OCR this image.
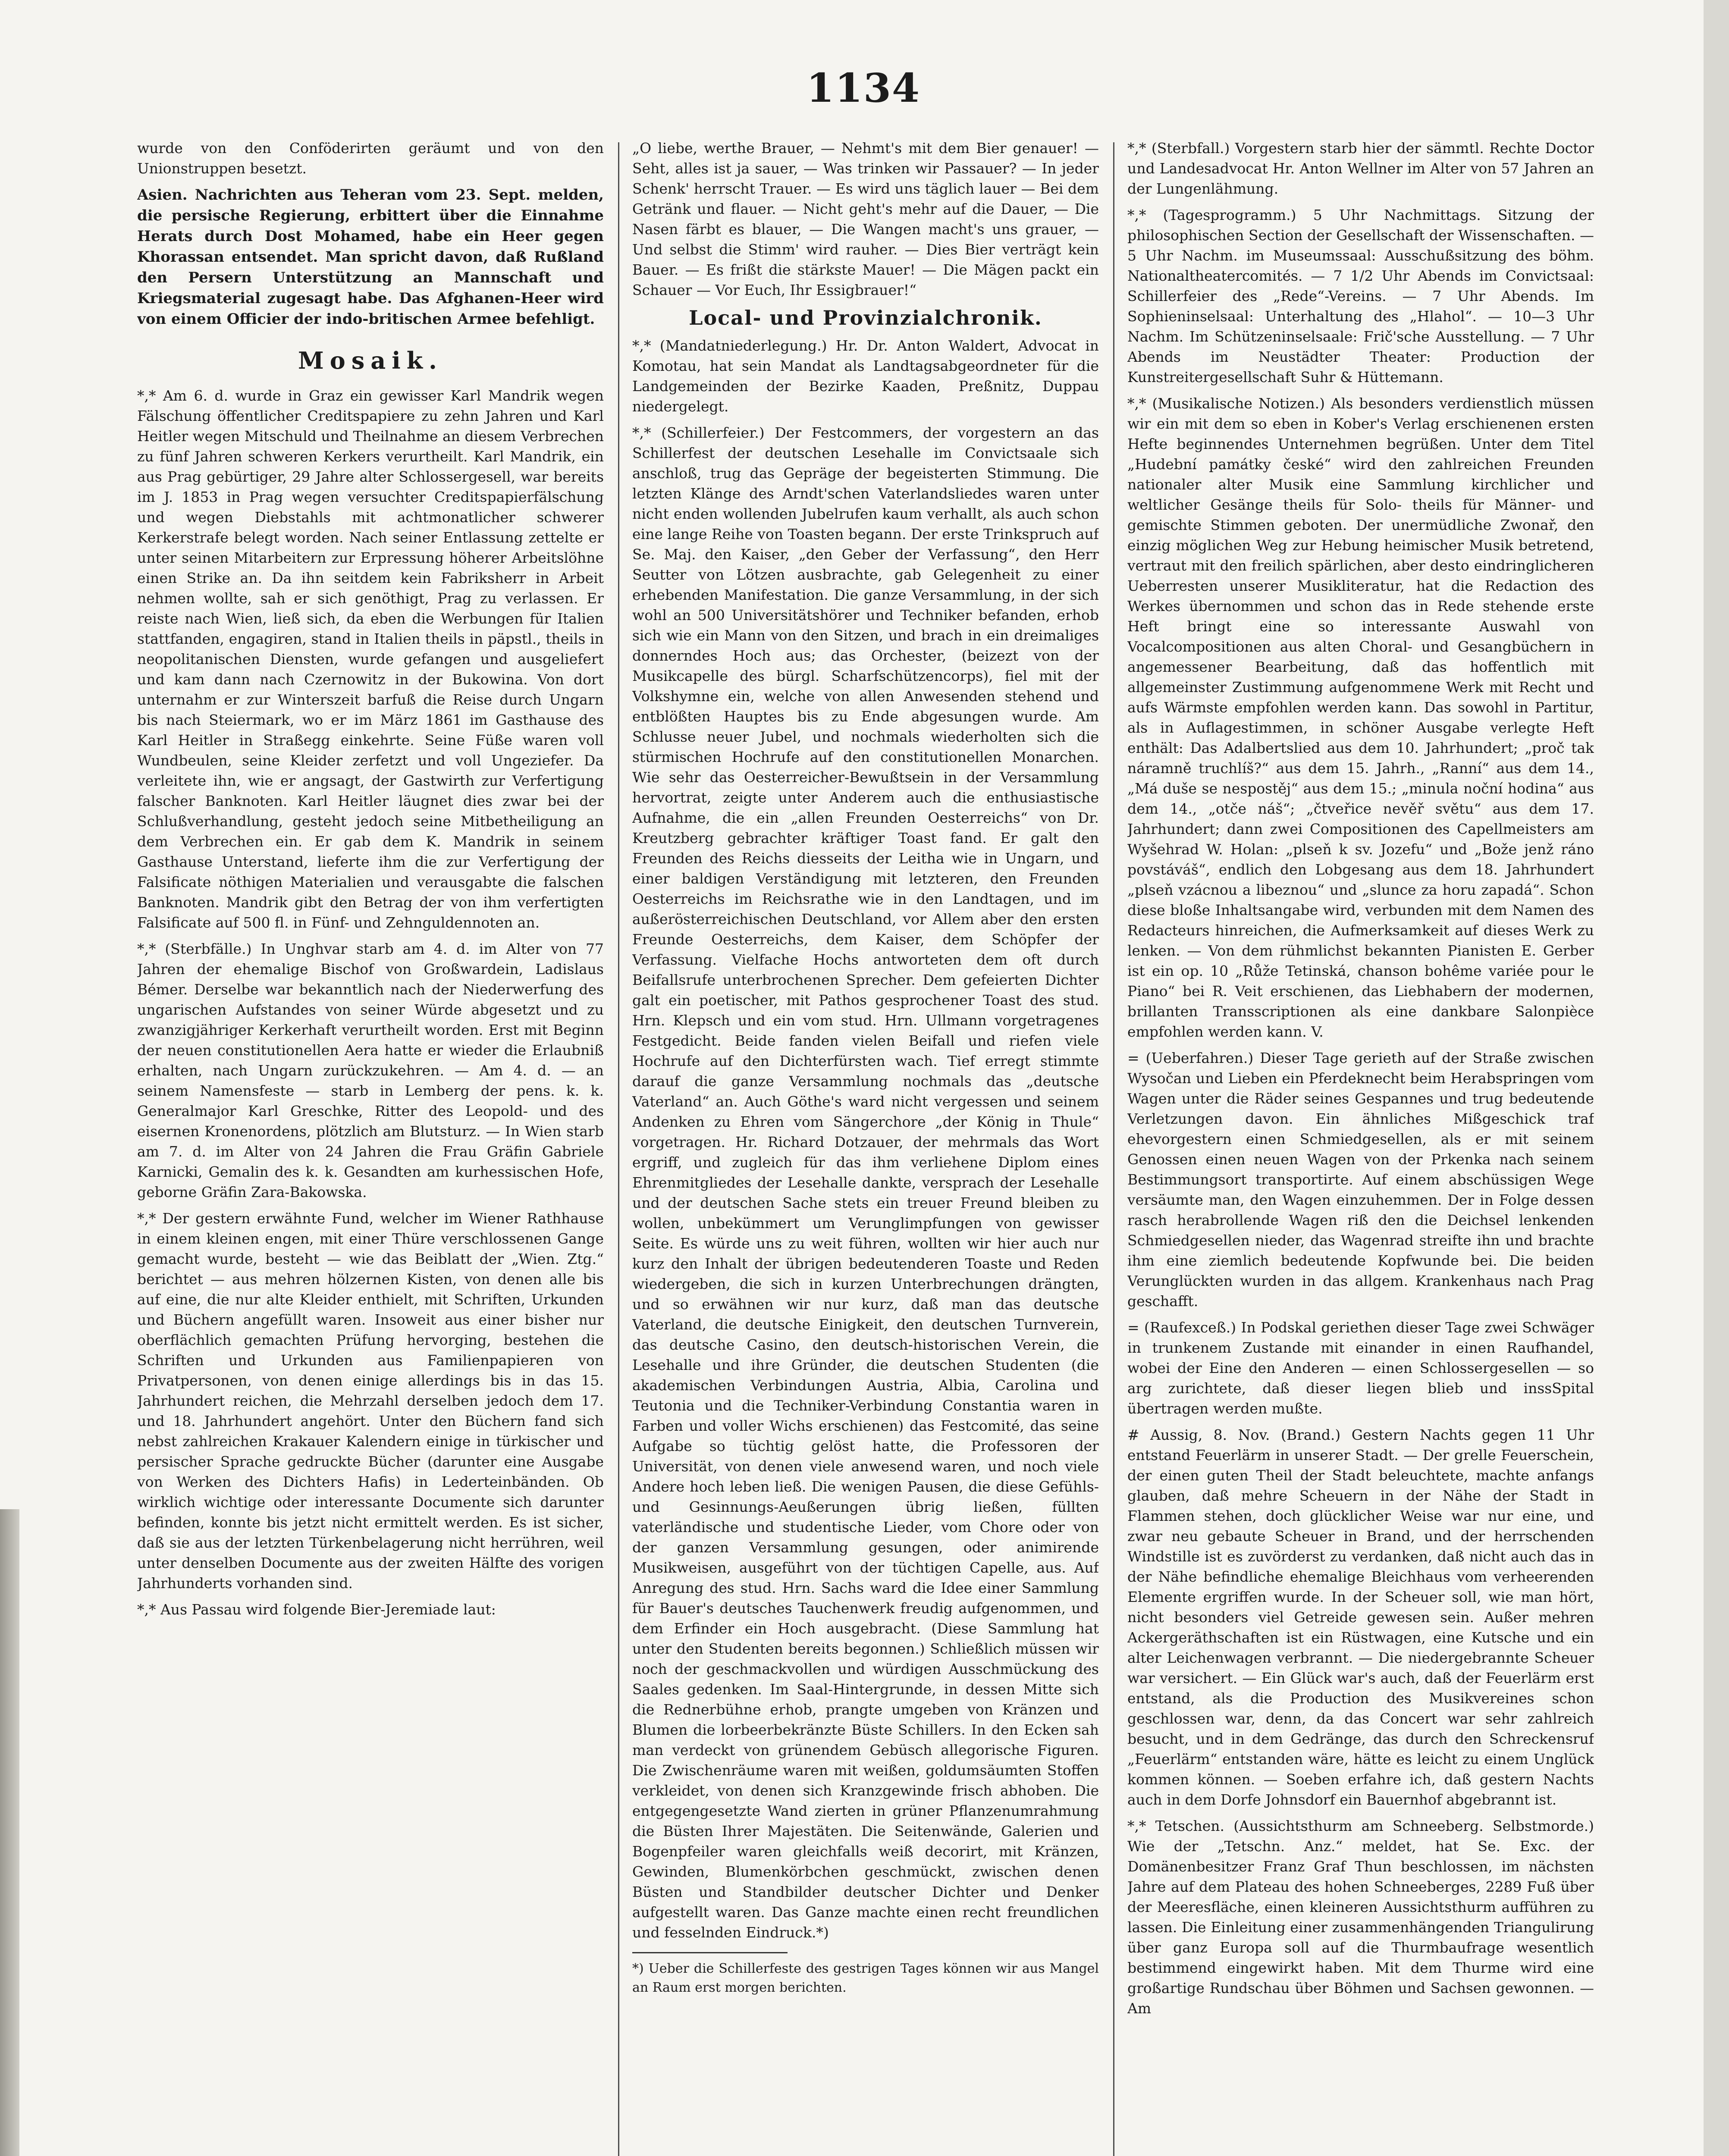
1134

wurde von den Conföderirten geräumt und von den Unionstruppen besetzt.

Asien. Nachrichten aus Teheran vom 23. Sept. melden, die persische Regierung, erbittert über die Einnahme Herats durch Dost Mohamed, habe ein Heer gegen Khorassan entsendet. Man spricht davon, daß Rußland den Persern Unterstützung an Mannschaft und Kriegsmaterial zugesagt habe. Das Afghanen-Heer wird von einem Officier der indo-britischen Armee befehligt.

Mosaik.

*,* Am 6. d. wurde in Graz ein gewisser Karl Mandrik wegen Fälschung öffentlicher Creditspapiere zu zehn Jahren und Karl Heitler wegen Mitschuld und Theilnahme an diesem Verbrechen zu fünf Jahren schweren Kerkers verurtheilt. Karl Mandrik, ein aus Prag gebürtiger, 29 Jahre alter Schlossergesell, war bereits im J. 1853 in Prag wegen versuchter Creditspapierfälschung und wegen Diebstahls mit achtmonatlicher schwerer Kerkerstrafe belegt worden. Nach seiner Entlassung zettelte er unter seinen Mitarbeitern zur Erpressung höherer Arbeitslöhne einen Strike an. Da ihn seitdem kein Fabriksherr in Arbeit nehmen wollte, sah er sich genöthigt, Prag zu verlassen. Er reiste nach Wien, ließ sich, da eben die Werbungen für Italien stattfanden, engagiren, stand in Italien theils in päpstl., theils in neopolitanischen Diensten, wurde gefangen und ausgeliefert und kam dann nach Czernowitz in der Bukowina. Von dort unternahm er zur Winterszeit barfuß die Reise durch Ungarn bis nach Steiermark, wo er im März 1861 im Gasthause des Karl Heitler in Straßegg einkehrte. Seine Füße waren voll Wundbeulen, seine Kleider zerfetzt und voll Ungeziefer. Da verleitete ihn, wie er angsagt, der Gastwirth zur Verfertigung falscher Banknoten. Karl Heitler läugnet dies zwar bei der Schlußverhandlung, gesteht jedoch seine Mitbetheiligung an dem Verbrechen ein. Er gab dem K. Mandrik in seinem Gasthause Unterstand, lieferte ihm die zur Verfertigung der Falsificate nöthigen Materialien und verausgabte die falschen Banknoten. Mandrik gibt den Betrag der von ihm verfertigten Falsificate auf 500 fl. in Fünf- und Zehnguldennoten an.

*,* (Sterbfälle.) In Unghvar starb am 4. d. im Alter von 77 Jahren der ehemalige Bischof von Großwardein, Ladislaus Bémer. Derselbe war bekanntlich nach der Niederwerfung des ungarischen Aufstandes von seiner Würde abgesetzt und zu zwanzigjähriger Kerkerhaft verurtheilt worden. Erst mit Beginn der neuen constitutionellen Aera hatte er wieder die Erlaubniß erhalten, nach Ungarn zurückzukehren. — Am 4. d. — an seinem Namensfeste — starb in Lemberg der pens. k. k. Generalmajor Karl Greschke, Ritter des Leopold- und des eisernen Kronenordens, plötzlich am Blutsturz. — In Wien starb am 7. d. im Alter von 24 Jahren die Frau Gräfin Gabriele Karnicki, Gemalin des k. k. Gesandten am kurhessischen Hofe, geborne Gräfin Zara-Bakowska.

*,* Der gestern erwähnte Fund, welcher im Wiener Rathhause in einem kleinen engen, mit einer Thüre verschlossenen Gange gemacht wurde, besteht — wie das Beiblatt der „Wien. Ztg.“ berichtet — aus mehren hölzernen Kisten, von denen alle bis auf eine, die nur alte Kleider enthielt, mit Schriften, Urkunden und Büchern angefüllt waren. Insoweit aus einer bisher nur oberflächlich gemachten Prüfung hervorging, bestehen die Schriften und Urkunden aus Familienpapieren von Privatpersonen, von denen einige allerdings bis in das 15. Jahrhundert reichen, die Mehrzahl derselben jedoch dem 17. und 18. Jahrhundert angehört. Unter den Büchern fand sich nebst zahlreichen Krakauer Kalendern einige in türkischer und persischer Sprache gedruckte Bücher (darunter eine Ausgabe von Werken des Dichters Hafis) in Lederteinbänden. Ob wirklich wichtige oder interessante Documente sich darunter befinden, konnte bis jetzt nicht ermittelt werden. Es ist sicher, daß sie aus der letzten Türkenbelagerung nicht herrühren, weil unter denselben Documente aus der zweiten Hälfte des vorigen Jahrhunderts vorhanden sind.

*,* Aus Passau wird folgende Bier-Jeremiade laut:

„O liebe, werthe Brauer, — Nehmt's mit dem Bier genauer! — Seht, alles ist ja sauer, — Was trinken wir Passauer? — In jeder Schenk' herrscht Trauer. — Es wird uns täglich lauer — Bei dem Getränk und flauer. — Nicht geht's mehr auf die Dauer, — Die Nasen färbt es blauer, — Die Wangen macht's uns grauer, — Und selbst die Stimm' wird rauher. — Dies Bier verträgt kein Bauer. — Es frißt die stärkste Mauer! — Die Mägen packt ein Schauer — Vor Euch, Ihr Essigbrauer!“

Local- und Provinzialchronik.

*,* (Mandatniederlegung.) Hr. Dr. Anton Waldert, Advocat in Komotau, hat sein Mandat als Landtagsabgeordneter für die Landgemeinden der Bezirke Kaaden, Preßnitz, Duppau niedergelegt.

*,* (Schillerfeier.) Der Festcommers, der vorgestern an das Schillerfest der deutschen Lesehalle im Convictsaale sich anschloß, trug das Gepräge der begeisterten Stimmung. Die letzten Klänge des Arndt'schen Vaterlandsliedes waren unter nicht enden wollenden Jubelrufen kaum verhallt, als auch schon eine lange Reihe von Toasten begann. Der erste Trinkspruch auf Se. Maj. den Kaiser, „den Geber der Verfassung“, den Herr Seutter von Lötzen ausbrachte, gab Gelegenheit zu einer erhebenden Manifestation. Die ganze Versammlung, in der sich wohl an 500 Universitätshörer und Techniker befanden, erhob sich wie ein Mann von den Sitzen, und brach in ein dreimaliges donnerndes Hoch aus; das Orchester, (beizezt von der Musikcapelle des bürgl. Scharfschützencorps), fiel mit der Volkshymne ein, welche von allen Anwesenden stehend und entblößten Hauptes bis zu Ende abgesungen wurde. Am Schlusse neuer Jubel, und nochmals wiederholten sich die stürmischen Hochrufe auf den constitutionellen Monarchen. Wie sehr das Oesterreicher-Bewußtsein in der Versammlung hervortrat, zeigte unter Anderem auch die enthusiastische Aufnahme, die ein „allen Freunden Oesterreichs“ von Dr. Kreutzberg gebrachter kräftiger Toast fand. Er galt den Freunden des Reichs diesseits der Leitha wie in Ungarn, und einer baldigen Verständigung mit letzteren, den Freunden Oesterreichs im Reichsrathe wie in den Landtagen, und im außerösterreichischen Deutschland, vor Allem aber den ersten Freunde Oesterreichs, dem Kaiser, dem Schöpfer der Verfassung. Vielfache Hochs antworteten dem oft durch Beifallsrufe unterbrochenen Sprecher. Dem gefeierten Dichter galt ein poetischer, mit Pathos gesprochener Toast des stud. Hrn. Klepsch und ein vom stud. Hrn. Ullmann vorgetragenes Festgedicht. Beide fanden vielen Beifall und riefen viele Hochrufe auf den Dichterfürsten wach. Tief erregt stimmte darauf die ganze Versammlung nochmals das „deutsche Vaterland“ an. Auch Göthe's ward nicht vergessen und seinem Andenken zu Ehren vom Sängerchore „der König in Thule“ vorgetragen. Hr. Richard Dotzauer, der mehrmals das Wort ergriff, und zugleich für das ihm verliehene Diplom eines Ehrenmitgliedes der Lesehalle dankte, versprach der Lesehalle und der deutschen Sache stets ein treuer Freund bleiben zu wollen, unbekümmert um Verunglimpfungen von gewisser Seite. Es würde uns zu weit führen, wollten wir hier auch nur kurz den Inhalt der übrigen bedeutenderen Toaste und Reden wiedergeben, die sich in kurzen Unterbrechungen drängten, und so erwähnen wir nur kurz, daß man das deutsche Vaterland, die deutsche Einigkeit, den deutschen Turnverein, das deutsche Casino, den deutsch-historischen Verein, die Lesehalle und ihre Gründer, die deutschen Studenten (die akademischen Verbindungen Austria, Albia, Carolina und Teutonia und die Techniker-Verbindung Constantia waren in Farben und voller Wichs erschienen) das Festcomité, das seine Aufgabe so tüchtig gelöst hatte, die Professoren der Universität, von denen viele anwesend waren, und noch viele Andere hoch leben ließ. Die wenigen Pausen, die diese Gefühls- und Gesinnungs-Aeußerungen übrig ließen, füllten vaterländische und studentische Lieder, vom Chore oder von der ganzen Versammlung gesungen, oder animirende Musikweisen, ausgeführt von der tüchtigen Capelle, aus. Auf Anregung des stud. Hrn. Sachs ward die Idee einer Sammlung für Bauer's deutsches Tauchenwerk freudig aufgenommen, und dem Erfinder ein Hoch ausgebracht. (Diese Sammlung hat unter den Studenten bereits begonnen.) Schließlich müssen wir noch der geschmackvollen und würdigen Ausschmückung des Saales gedenken. Im Saal-Hintergrunde, in dessen Mitte sich die Rednerbühne erhob, prangte umgeben von Kränzen und Blumen die lorbeerbekränzte Büste Schillers. In den Ecken sah man verdeckt von grünendem Gebüsch allegorische Figuren. Die Zwischenräume waren mit weißen, goldumsäumten Stoffen verkleidet, von denen sich Kranzgewinde frisch abhoben. Die entgegengesetzte Wand zierten in grüner Pflanzenumrahmung die Büsten Ihrer Majestäten. Die Seitenwände, Galerien und Bogenpfeiler waren gleichfalls weiß decorirt, mit Kränzen, Gewinden, Blumenkörbchen geschmückt, zwischen denen Büsten und Standbilder deutscher Dichter und Denker aufgestellt waren. Das Ganze machte einen recht freundlichen und fesselnden Eindruck.*)

*) Ueber die Schillerfeste des gestrigen Tages können wir aus Mangel an Raum erst morgen berichten.

*,* (Sterbfall.) Vorgestern starb hier der sämmtl. Rechte Doctor und Landesadvocat Hr. Anton Wellner im Alter von 57 Jahren an der Lungenlähmung.

*,* (Tagesprogramm.) 5 Uhr Nachmittags. Sitzung der philosophischen Section der Gesellschaft der Wissenschaften. — 5 Uhr Nachm. im Museumssaal: Ausschußsitzung des böhm. Nationaltheatercomités. — 7 1/2 Uhr Abends im Convictsaal: Schillerfeier des „Rede“-Vereins. — 7 Uhr Abends. Im Sophieninselsaal: Unterhaltung des „Hlahol“. — 10—3 Uhr Nachm. Im Schützeninselsaale: Frič'sche Ausstellung. — 7 Uhr Abends im Neustädter Theater: Production der Kunstreitergesellschaft Suhr & Hüttemann.

*,* (Musikalische Notizen.) Als besonders verdienstlich müssen wir ein mit dem so eben in Kober's Verlag erschienenen ersten Hefte beginnendes Unternehmen begrüßen. Unter dem Titel „Hudební památky české“ wird den zahlreichen Freunden nationaler alter Musik eine Sammlung kirchlicher und weltlicher Gesänge theils für Solo- theils für Männer- und gemischte Stimmen geboten. Der unermüdliche Zwonař, den einzig möglichen Weg zur Hebung heimischer Musik betretend, vertraut mit den freilich spärlichen, aber desto eindringlicheren Ueberresten unserer Musikliteratur, hat die Redaction des Werkes übernommen und schon das in Rede stehende erste Heft bringt eine so interessante Auswahl von Vocalcompositionen aus alten Choral- und Gesangbüchern in angemessener Bearbeitung, daß das hoffentlich mit allgemeinster Zustimmung aufgenommene Werk mit Recht und aufs Wärmste empfohlen werden kann. Das sowohl in Partitur, als in Auflagestimmen, in schöner Ausgabe verlegte Heft enthält: Das Adalbertslied aus dem 10. Jahrhundert; „proč tak náramně truchlíš?“ aus dem 15. Jahrh., „Ranní“ aus dem 14., „Má duše se nespostěj“ aus dem 15.; „minula noční hodina“ aus dem 14., „otče náš“; „čtveřice nevěř světu“ aus dem 17. Jahrhundert; dann zwei Compositionen des Capellmeisters am Wyšehrad W. Holan: „plseň k sv. Jozefu“ und „Bože jenž ráno povstáváš“, endlich den Lobgesang aus dem 18. Jahrhundert „plseň vzácnou a libeznou“ und „slunce za horu zapadá“. Schon diese bloße Inhaltsangabe wird, verbunden mit dem Namen des Redacteurs hinreichen, die Aufmerksamkeit auf dieses Werk zu lenken. — Von dem rühmlichst bekannten Pianisten E. Gerber ist ein op. 10 „Růže Tetinská, chanson bohême variée pour le Piano“ bei R. Veit erschienen, das Liebhabern der modernen, brillanten Transscriptionen als eine dankbare Salonpièce empfohlen werden kann. V.

= (Ueberfahren.) Dieser Tage gerieth auf der Straße zwischen Wysočan und Lieben ein Pferdeknecht beim Herabspringen vom Wagen unter die Räder seines Gespannes und trug bedeutende Verletzungen davon. Ein ähnliches Mißgeschick traf ehevorgestern einen Schmiedgesellen, als er mit seinem Genossen einen neuen Wagen von der Prkenka nach seinem Bestimmungsort transportirte. Auf einem abschüssigen Wege versäumte man, den Wagen einzuhemmen. Der in Folge dessen rasch herabrollende Wagen riß den die Deichsel lenkenden Schmiedgesellen nieder, das Wagenrad streifte ihn und brachte ihm eine ziemlich bedeutende Kopfwunde bei. Die beiden Verunglückten wurden in das allgem. Krankenhaus nach Prag geschafft.

= (Raufexceß.) In Podskal geriethen dieser Tage zwei Schwäger in trunkenem Zustande mit einander in einen Raufhandel, wobei der Eine den Anderen — einen Schlossergesellen — so arg zurichtete, daß dieser liegen blieb und inssSpital übertragen werden mußte.

# Aussig, 8. Nov. (Brand.) Gestern Nachts gegen 11 Uhr entstand Feuerlärm in unserer Stadt. — Der grelle Feuerschein, der einen guten Theil der Stadt beleuchtete, machte anfangs glauben, daß mehre Scheuern in der Nähe der Stadt in Flammen stehen, doch glücklicher Weise war nur eine, und zwar neu gebaute Scheuer in Brand, und der herrschenden Windstille ist es zuvörderst zu verdanken, daß nicht auch das in der Nähe befindliche ehemalige Bleichhaus vom verheerenden Elemente ergriffen wurde. In der Scheuer soll, wie man hört, nicht besonders viel Getreide gewesen sein. Außer mehren Ackergeräthschaften ist ein Rüstwagen, eine Kutsche und ein alter Leichenwagen verbrannt. — Die niedergebrannte Scheuer war versichert. — Ein Glück war's auch, daß der Feuerlärm erst entstand, als die Production des Musikvereines schon geschlossen war, denn, da das Concert war sehr zahlreich besucht, und in dem Gedränge, das durch den Schreckensruf „Feuerlärm“ entstanden wäre, hätte es leicht zu einem Unglück kommen können. — Soeben erfahre ich, daß gestern Nachts auch in dem Dorfe Johnsdorf ein Bauernhof abgebrannt ist.

*,* Tetschen. (Aussichtsthurm am Schneeberg. Selbstmorde.) Wie der „Tetschn. Anz.“ meldet, hat Se. Exc. der Domänenbesitzer Franz Graf Thun beschlossen, im nächsten Jahre auf dem Plateau des hohen Schneeberges, 2289 Fuß über der Meeresfläche, einen kleineren Aussichtsthurm aufführen zu lassen. Die Einleitung einer zusammenhängenden Triangulirung über ganz Europa soll auf die Thurmbaufrage wesentlich bestimmend eingewirkt haben. Mit dem Thurme wird eine großartige Rundschau über Böhmen und Sachsen gewonnen. — Am
